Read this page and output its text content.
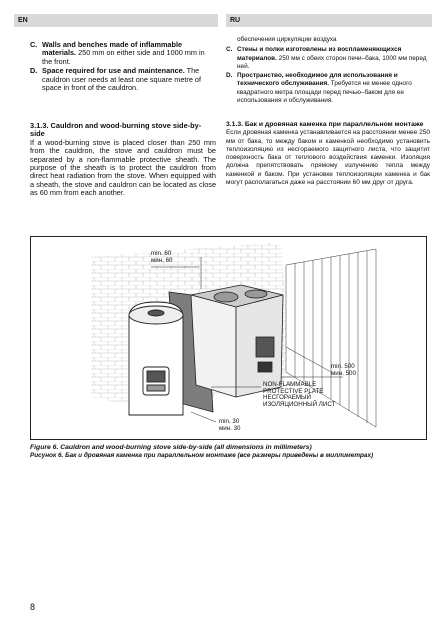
EN	RU
C. Walls and benches made of inflammable materials. 250 mm on either side and 1000 mm in the front.
D. Space required for use and maintenance. The cauldron user needs at least one square metre of space in front of the cauldron.
обеспечения циркуляции воздуха
C. Стены и полки изготовлены из воспламеняющихся материалов. 250 мм с обеих сторон печи–бака, 1000 мм перед ней.
D. Пространство, необходимое для использования и технического обслуживания. Требуется не менее одного квадратного метра площади перед печью–баком для ее использования и обслуживания.
3.1.3. Cauldron and wood-burning stove side-by-side

If a wood-burning stove is placed closer than 250 mm from the cauldron, the stove and cauldron must be separated by a non-flammable protective sheath. The purpose of the sheath is to protect the cauldron from direct heat radiation from the stove. When equipped with a sheath, the stove and cauldron can be located as close as 60 mm from each another.

3.1.3. Бак и дровяная каменка при параллельном монтаже

Если дровяная каменка устанавливается на расстоянии менее 250 мм от бака, то между баком и каменкой необходимо установить теплоизоляцию из несгораемого защитного листа, что защитит поверхность бака от теплового воздействия каменки. Изоляция должна препятствовать прямому излучению тепла между каменкой и баком. При установке теплоизоляции каменка и бак могут располагаться даже на расстоянии 60 мм друг от друга.

min. 60
мин. 60
min. 500
мин. 500
NON-FLAMMABLE
PROTECTIVE PLATE
НЕСГОРАЕМЫЙ
ИЗОЛЯЦИОННЫЙ ЛИСТ
min. 30
мин. 30
Figure 6. Cauldron and wood-burning stove side-by-side (all dimensions in millimeters)
Рисунок 6. Бак и дровяная каменка при параллельном монтаже (все размеры приведены в миллиметрах)
8
